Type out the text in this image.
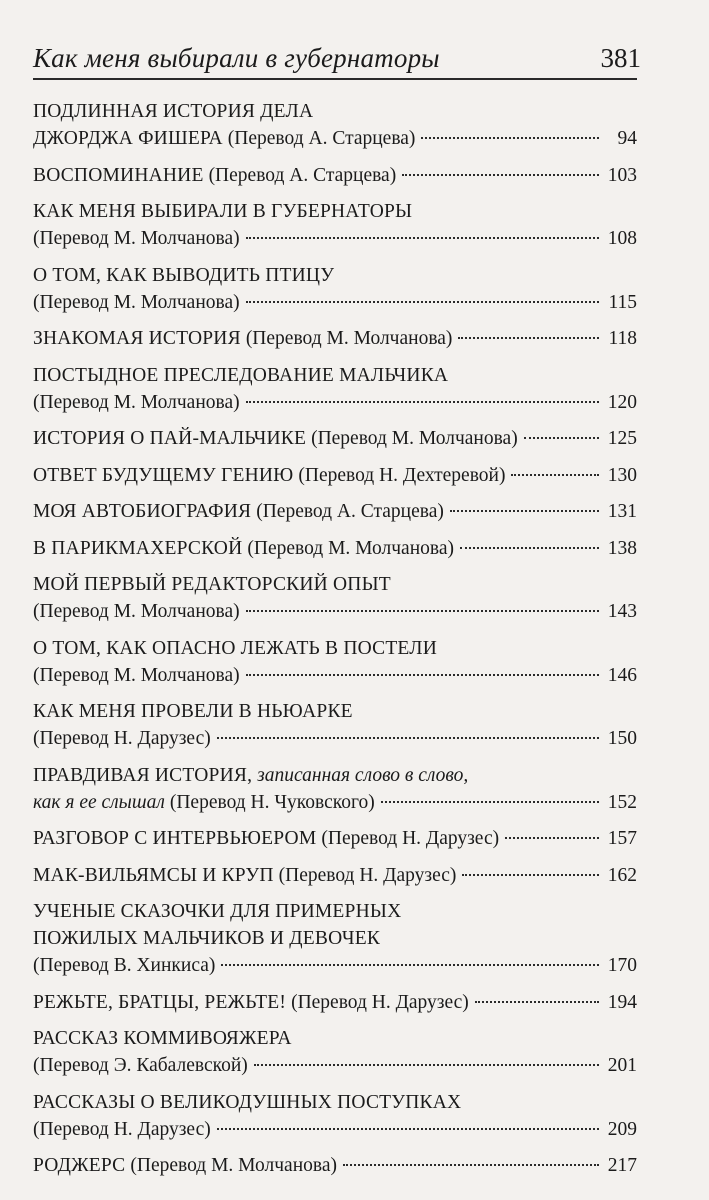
Как меня выбирали в губернаторы	381
ПОДЛИННАЯ ИСТОРИЯ ДЕЛА
ДЖОРДЖА ФИШЕРА (Перевод А. Старцева)	94
ВОСПОМИНАНИЕ (Перевод А. Старцева)	103
КАК МЕНЯ ВЫБИРАЛИ В ГУБЕРНАТОРЫ
(Перевод М. Молчанова)	108
О ТОМ, КАК ВЫВОДИТЬ ПТИЦУ
(Перевод М. Молчанова)	115
ЗНАКОМАЯ ИСТОРИЯ (Перевод М. Молчанова)	118
ПОСТЫДНОЕ ПРЕСЛЕДОВАНИЕ МАЛЬЧИКА
(Перевод М. Молчанова)	120
ИСТОРИЯ О ПАЙ-МАЛЬЧИКЕ (Перевод М. Молчанова)	125
ОТВЕТ БУДУЩЕМУ ГЕНИЮ (Перевод Н. Дехтеревой)	130
МОЯ АВТОБИОГРАФИЯ (Перевод А. Старцева)	131
В ПАРИКМАХЕРСКОЙ (Перевод М. Молчанова)	138
МОЙ ПЕРВЫЙ РЕДАКТОРСКИЙ ОПЫТ
(Перевод М. Молчанова)	143
О ТОМ, КАК ОПАСНО ЛЕЖАТЬ В ПОСТЕЛИ
(Перевод М. Молчанова)	146
КАК МЕНЯ ПРОВЕЛИ В НЬЮАРКЕ
(Перевод Н. Дарузес)	150
ПРАВДИВАЯ ИСТОРИЯ, записанная слово в слово,
как я ее слышал (Перевод Н. Чуковского)	152
РАЗГОВОР С ИНТЕРВЬЮЕРОМ (Перевод Н. Дарузес)	157
МАК-ВИЛЬЯМСЫ И КРУП (Перевод Н. Дарузес)	162
УЧЕНЫЕ СКАЗОЧКИ ДЛЯ ПРИМЕРНЫХ
ПОЖИЛЫХ МАЛЬЧИКОВ И ДЕВОЧЕК
(Перевод В. Хинкиса)	170
РЕЖЬТЕ, БРАТЦЫ, РЕЖЬТЕ! (Перевод Н. Дарузес)	194
РАССКАЗ КОММИВОЯЖЕРА
(Перевод Э. Кабалевской)	201
РАССКАЗЫ О ВЕЛИКОДУШНЫХ ПОСТУПКАХ
(Перевод Н. Дарузес)	209
РОДЖЕРС (Перевод М. Молчанова)	217
